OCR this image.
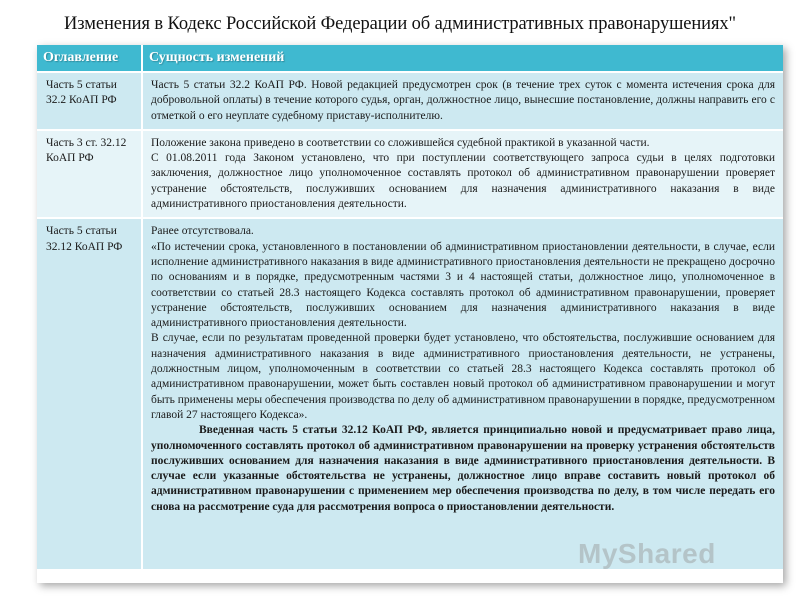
Изменения в Кодекс Российской Федерации об административных правонарушениях"
Оглавление	Сущность изменений
Часть 5 статьи 32.2 КоАП РФ	Часть 5 статьи 32.2 КоАП РФ. Новой редакцией предусмотрен срок (в течение трех суток с момента истечения срока для добровольной оплаты) в течение которого судья, орган, должностное лицо, вынесшие постановление, должны направить его с отметкой о его неуплате судебному приставу-исполнителю.

Часть 3 ст. 32.12 КоАП РФ	Положение закона приведено в соответствии со сложившейся судебной практикой в указанной части.

С 01.08.2011 года Законом установлено, что при поступлении соответствующего запроса судьи в целях подготовки заключения, должностное лицо уполномоченное составлять протокол об административном правонарушении проверяет устранение обстоятельств, послуживших основанием для назначения административного наказания в виде административного приостановления деятельности.

Часть 5 статьи 32.12 КоАП РФ	Ранее отсутствовала.

«По истечении срока, установленного в постановлении об административном приостановлении деятельности, в случае, если исполнение административного наказания в виде административного приостановления деятельности не прекращено досрочно по основаниям и в порядке, предусмотренным частями 3 и 4 настоящей статьи, должностное лицо, уполномоченное в соответствии со статьей 28.3 настоящего Кодекса составлять протокол об административном правонарушении, проверяет устранение обстоятельств, послуживших основанием для назначения административного наказания в виде административного приостановления деятельности.

В случае, если по результатам проведенной проверки будет установлено, что обстоятельства, послужившие основанием для назначения административного наказания в виде административного приостановления деятельности, не устранены, должностным лицом, уполномоченным в соответствии со статьей 28.3 настоящего Кодекса составлять протокол об административном правонарушении, может быть составлен новый протокол об административном правонарушении и могут быть применены меры обеспечения производства по делу об административном правонарушении в порядке, предусмотренном главой 27 настоящего Кодекса».

Введенная часть 5 статьи 32.12 КоАП РФ, является принципиально новой и предусматривает право лица, уполномоченного составлять протокол об административном правонарушении на проверку устранения обстоятельств послуживших основанием для назначения наказания в виде административного приостановления деятельности. В случае если указанные обстоятельства не устранены, должностное лицо вправе составить новый протокол об административном правонарушении с применением мер обеспечения производства по делу, в том числе передать его снова на рассмотрение суда для рассмотрения вопроса о приостановлении деятельности.

MyShared
